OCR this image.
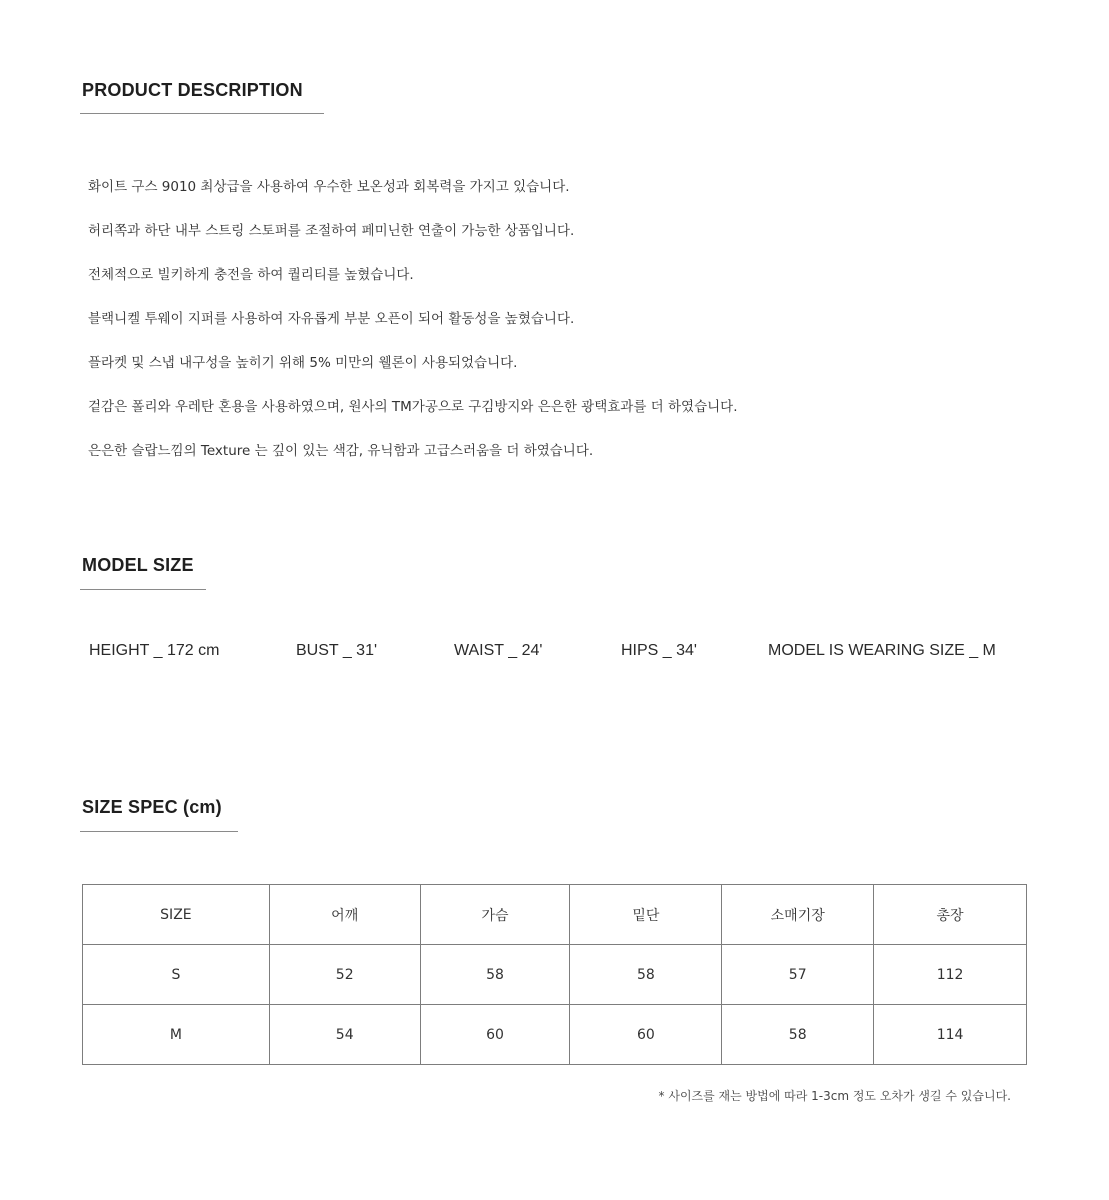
PRODUCT DESCRIPTION
화이트 구스 9010 최상급을 사용하여 우수한 보온성과 회복력을 가지고 있습니다.
허리쪽과 하단 내부 스트링 스토퍼를 조절하여 페미닌한 연출이 가능한 상품입니다.
전체적으로 빌키하게 충전을 하여 퀄리티를 높혔습니다.
블랙니켈 투웨이 지퍼를 사용하여 자유롭게 부분 오픈이 되어 활동성을 높혔습니다.
플라켓 및 스냅 내구성을 높히기 위해 5% 미만의 웰론이 사용되었습니다.
겉감은 폴리와 우레탄 혼용을 사용하였으며, 원사의 TM가공으로 구김방지와 은은한 광택효과를 더 하였습니다.
은은한 슬랍느낌의 Texture 는 깊이 있는 색감, 유닉함과 고급스러움을 더 하였습니다.
MODEL SIZE
HEIGHT _ 172 cm	BUST _ 31'	WAIST _ 24'	HIPS _ 34'	MODEL IS WEARING SIZE _ M
SIZE SPEC (cm)
SIZE	어깨	가슴	밑단	소매기장	총장
S	52	58	58	57	112
M	54	60	60	58	114
* 사이즈를 재는 방법에 따라 1-3cm 정도 오차가 생길 수 있습니다.
